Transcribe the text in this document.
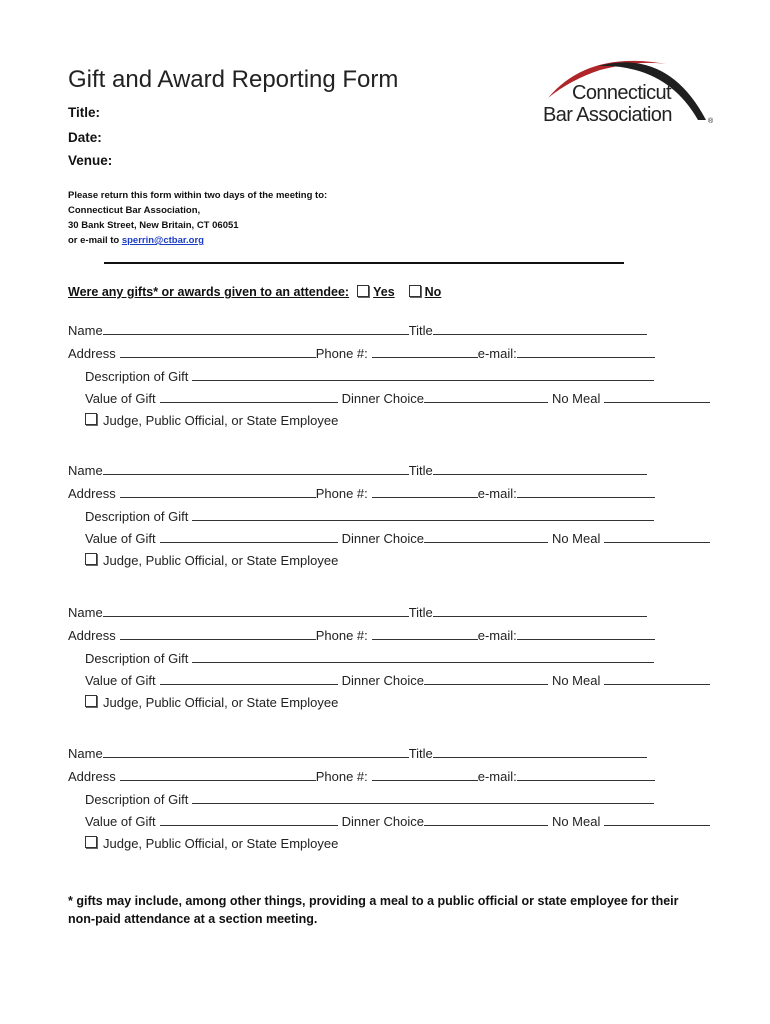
Gift and Award Reporting Form	Connecticut
Bar Association	®
Title:
Date:
Venue:
Please return this form within two days of the meeting to:
Connecticut Bar Association,
30 Bank Street, New Britain, CT 06051
or e-mail to sperrin@ctbar.org
Were any gifts* or awards given to an attendee: Yes No
Name	Title
Address	Phone #:	e-mail:
Description of Gift
Value of Gift	Dinner Choice	No Meal
Judge, Public Official, or State Employee
Name	Title
Address	Phone #:	e-mail:
Description of Gift
Value of Gift	Dinner Choice	No Meal
Judge, Public Official, or State Employee
Name	Title
Address	Phone #:	e-mail:
Description of Gift
Value of Gift	Dinner Choice	No Meal
Judge, Public Official, or State Employee
Name	Title
Address	Phone #:	e-mail:
Description of Gift
Value of Gift	Dinner Choice	No Meal
Judge, Public Official, or State Employee
* gifts may include, among other things, providing a meal to a public official or state employee for their non-paid attendance at a section meeting.
